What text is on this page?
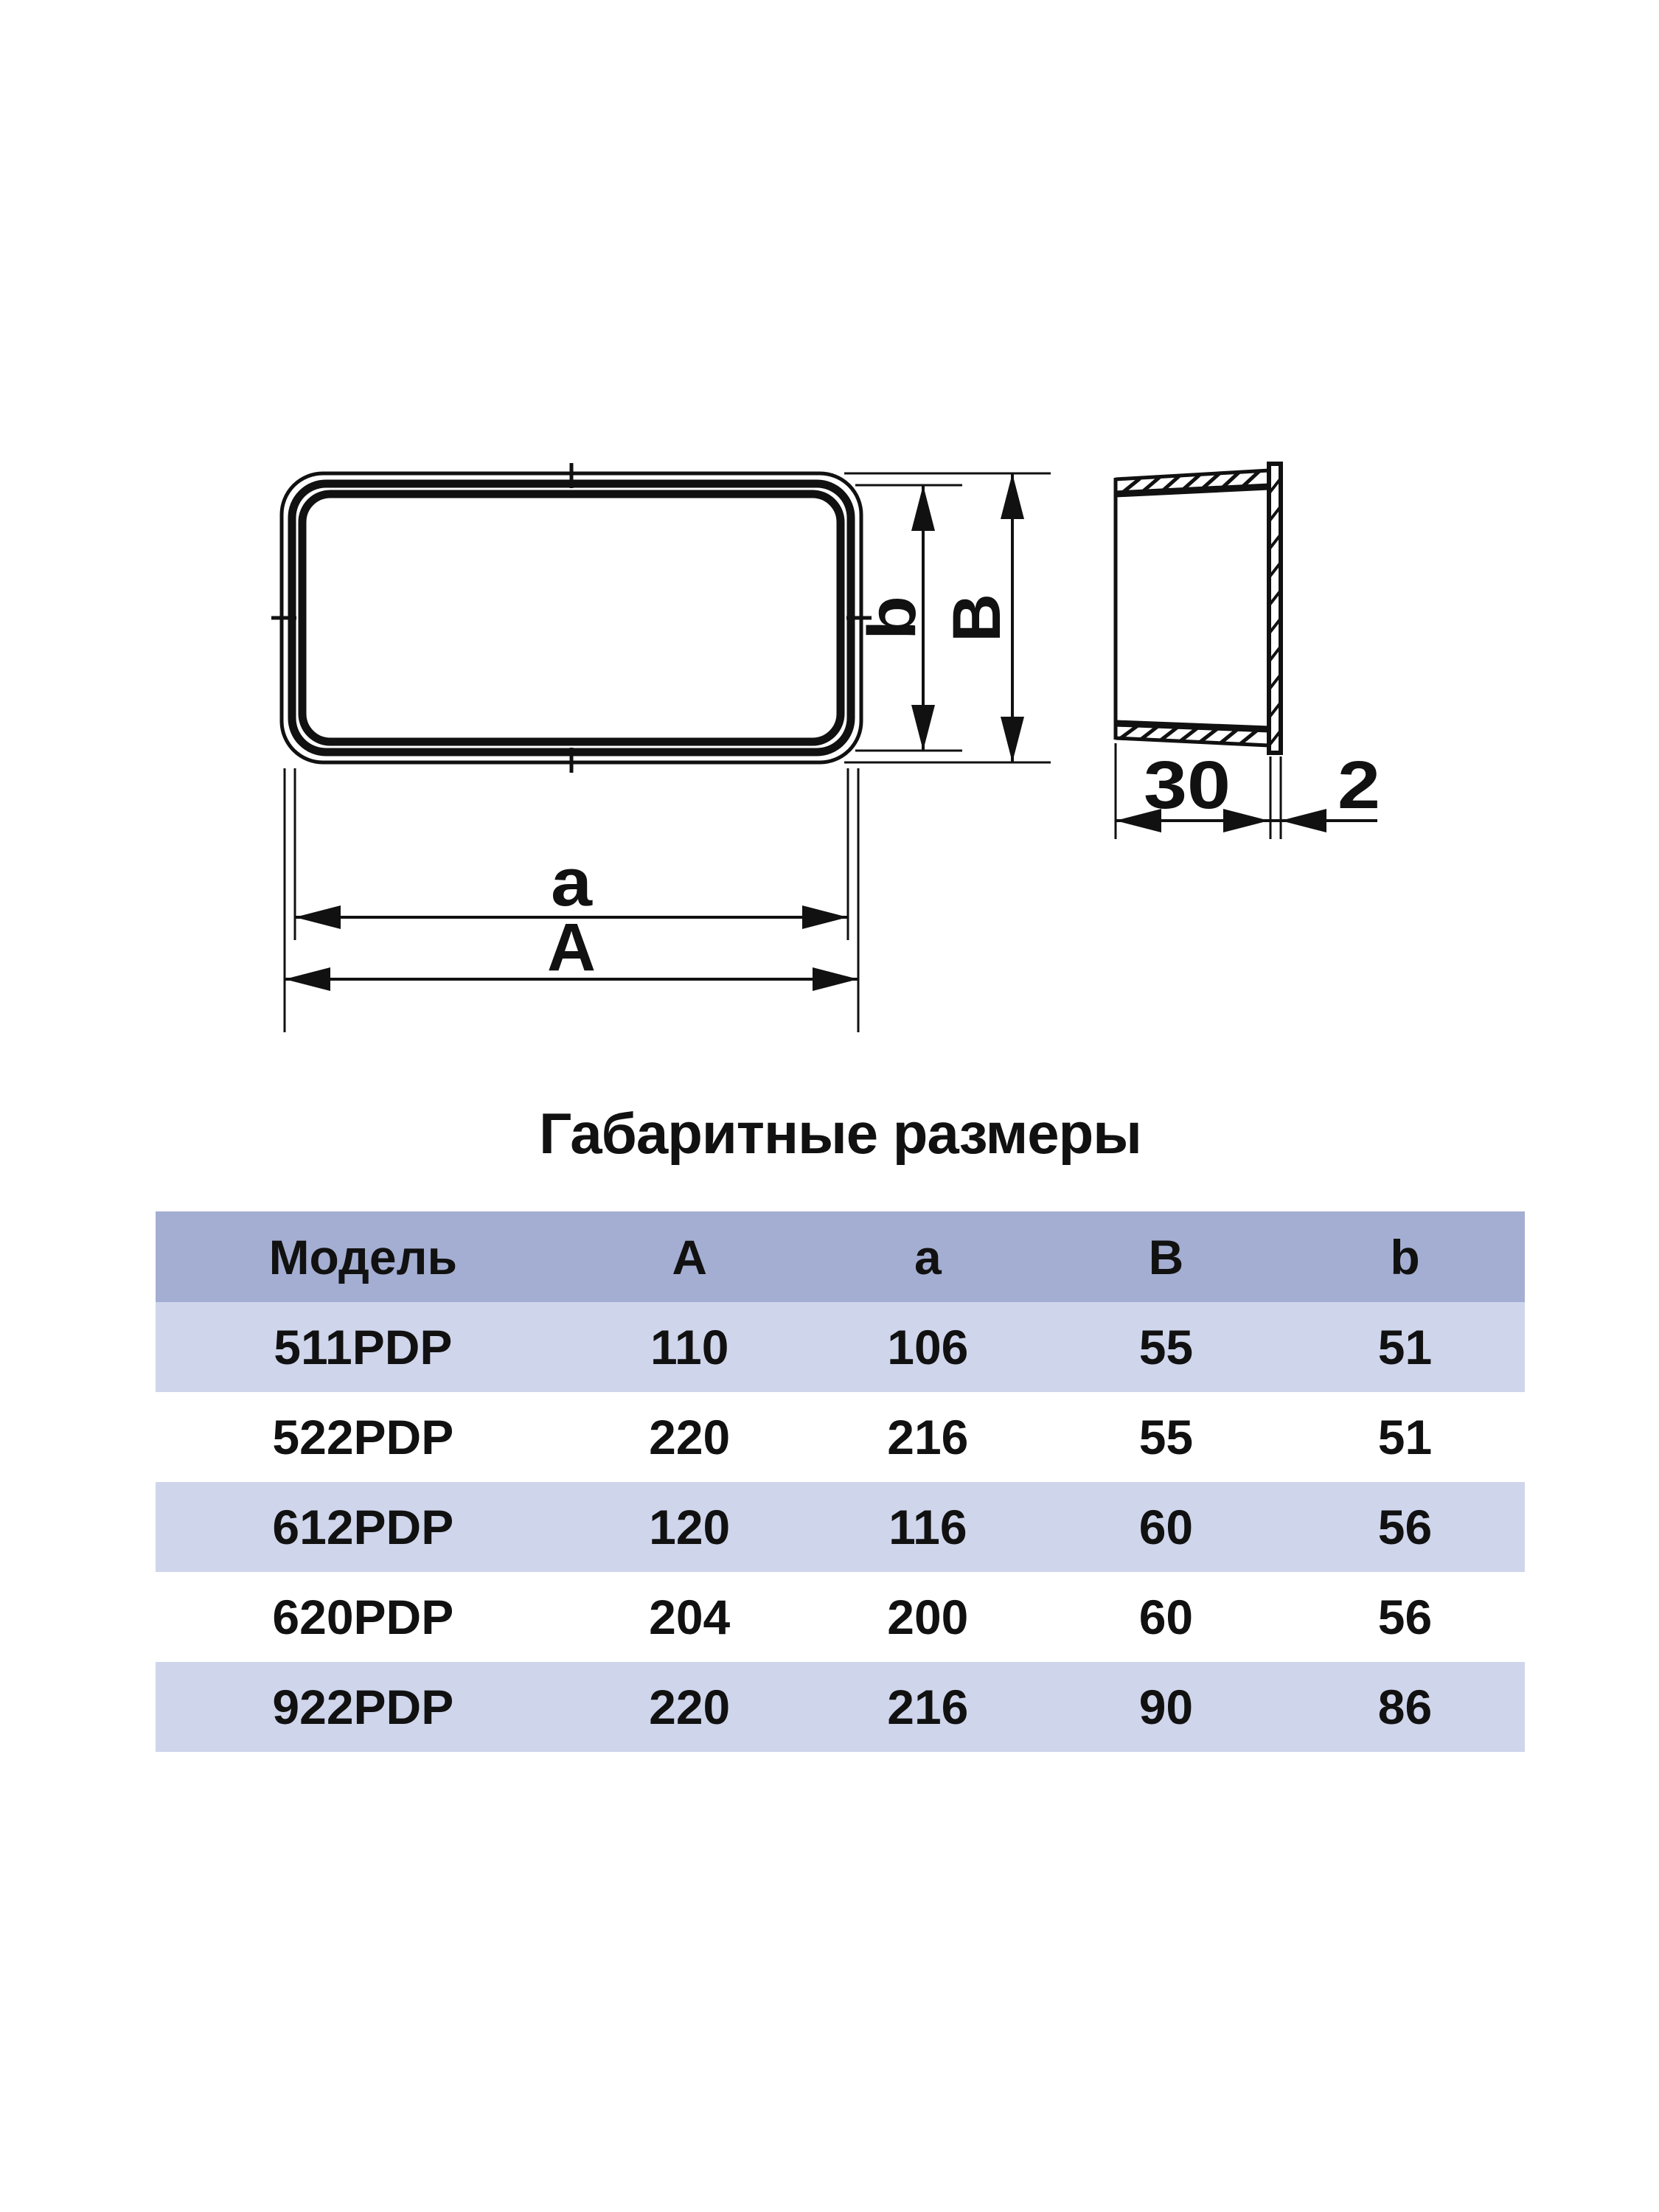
b B
a
A
30 2
Габаритные размеры
Модель	A	a	B	b
511PDP	110	106	55	51
522PDP	220	216	55	51
612PDP	120	116	60	56
620PDP	204	200	60	56
922PDP	220	216	90	86
